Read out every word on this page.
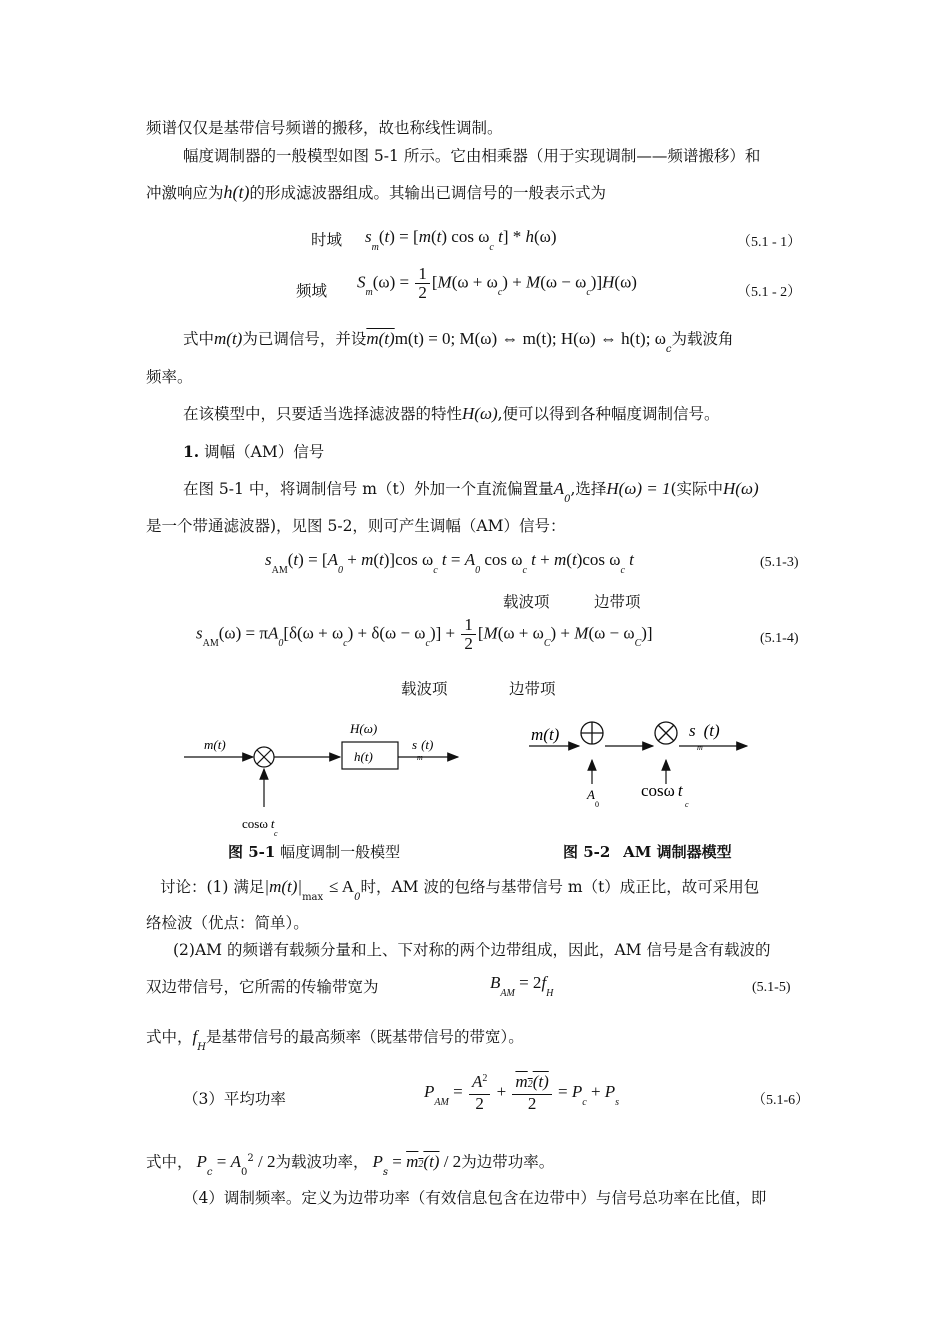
频谱仅仅是基带信号频谱的搬移，故也称线性调制。
幅度调制器的一般模型如图 5-1 所示。它由相乘器（用于实现调制——频谱搬移）和
冲激响应为h(t)的形成滤波器组成。其输出已调信号的一般表示式为
时域 $s_m(t) = [m(t)$ $\cos \omega_c$ t] * h(ω)	（5.1 - 1）
频域 $S_m(\omega) = \frac{1}{2} [M(\omega + \omega_c) + M(\omega - \omega_c)]H(\omega)$
（5.1 - 2）
式中m(t)为已调信号，并设m(t)m(t) = 0; M(ω) ⇔ m(t); H(ω) ⇔ h(t); $\omega_c$为载波角
频率。
在该模型中，只要适当选择滤波器的特性H(ω),便可以得到各种幅度调制信号。
1. 调幅（AM）信号
在图 5-1 中，将调制信号 m（t）外加一个直流偏置量$A_0$,选择H(ω) = 1(实际中H(ω)
是一个带通滤波器)，见图 5-2，则可产生调幅（AM）信号：
$s_{AM}(t) = [A_0 + m(t)]\cos$ $\omega_c$ $t = A_0$ $\cos \omega_c$ t + m(t)cos $\omega_c$ t	(5.1-3)
载波项	边带项
$s_{AM}(\omega) = \pi A_0[\delta(\omega + \omega_c) + \delta(\omega - \omega_c)] + \frac{1}{2} [M(\omega + \omega_C) + M(\omega - \omega_C)]$	(5.1-4)
载波项	边带项
m(t)
cosω t
c
H(ω)
h(t)
s (t)
m
m(t)
A
0
cosω t
c
s (t)
m
图 5-1 幅度调制一般模型	图 5-2 AM 调制器模型
讨论：(1) 满足$|m(t)|_{max}\le A_0$时，AM 波的包络与基带信号 m（t）成正比，故可采用包
络检波（优点：简单）。
(2)AM 的频谱有载频分量和上、下对称的两个边带组成，因此，AM 信号是含有载波的
双边带信号，它所需的传输带宽为	$B_{AM} = 2f_H$	(5.1-5)
式中，$f_H$是基带信号的最高频率（既基带信号的带宽）。
（3）平均功率	$P_{AM} = \frac{A^2}{2} + \frac{m2(t)}{2} = P_c + P_s$	（5.1-6）
式中， $P_c = A_0^2 / 2$为载波功率， $P_s = m2(t) / 2$为边带功率。
（4）调制频率。定义为边带功率（有效信息包含在边带中）与信号总功率在比值，即
